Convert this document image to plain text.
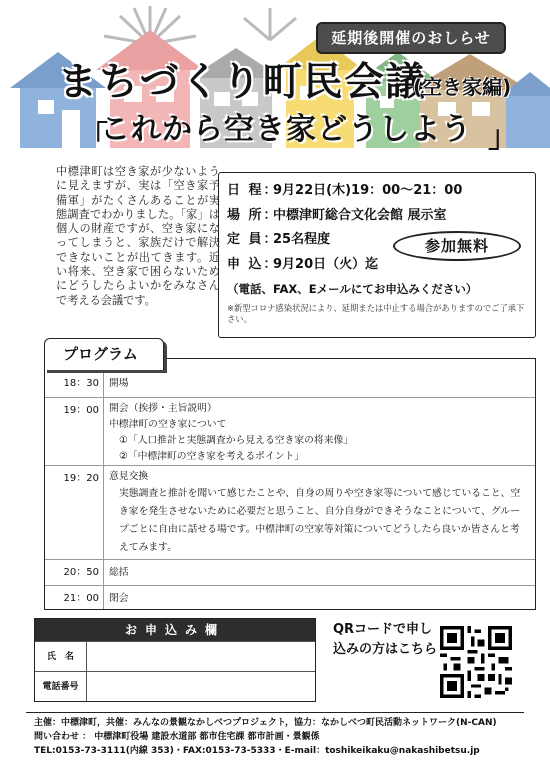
延期後開催のおしらせ
まちづくり町民会議
(空き家編)
「
これから空き家どうしよう 」

中標津町は空き家が少ないように見えますが、実は「空き家予備軍」がたくさんあることが実態調査でわかりました。「家」は個人の財産ですが、空き家になってしまうと、家族だけで解決できないことが出てきます。近い将来、空き家で困らないためにどうしたらよいかをみなさんで考える会議です。

日 程：9月22日(木)19：00～21：00
場 所：中標津町総合文化会館 展示室
定 員：25名程度
申 込：9月20日（火）迄
（電話、FAX、Eメールにてお申込みください）
※新型コロナ感染状況により、延期または中止する場合がありますのでご了承下さい。
参加無料
18：30	開場
19：00	開会（挨拶・主旨説明）
中標津町の空き家について
①「人口推計と実態調査から見える空き家の将来像」
②「中標津町の空き家を考えるポイント」
19：20	意見交換
実態調査と推計を聞いて感じたことや、自身の周りや空き家等について感じていること、空き家を発生させないために必要だと思うこと、自分自身ができそうなことについて、グループごとに自由に話せる場です。中標津町の空家等対策についてどうしたら良いか皆さんと考えてみます。
20：50	総括
21：00	閉会
プログラム
お申込み欄
氏　名
電話番号
QRコードで申し込みの方はこちら
主催：中標津町，共催：みんなの景観なかしべつプロジェクト，協力：なかしべつ町民活動ネットワーク(N-CAN)
問い合わせ ： 中標津町役場 建設水道部 都市住宅課 都市計画・景観係
TEL:0153-73-3111(内線 353)・FAX:0153-73-5333・E-mail：toshikeikaku@nakashibetsu.jp
